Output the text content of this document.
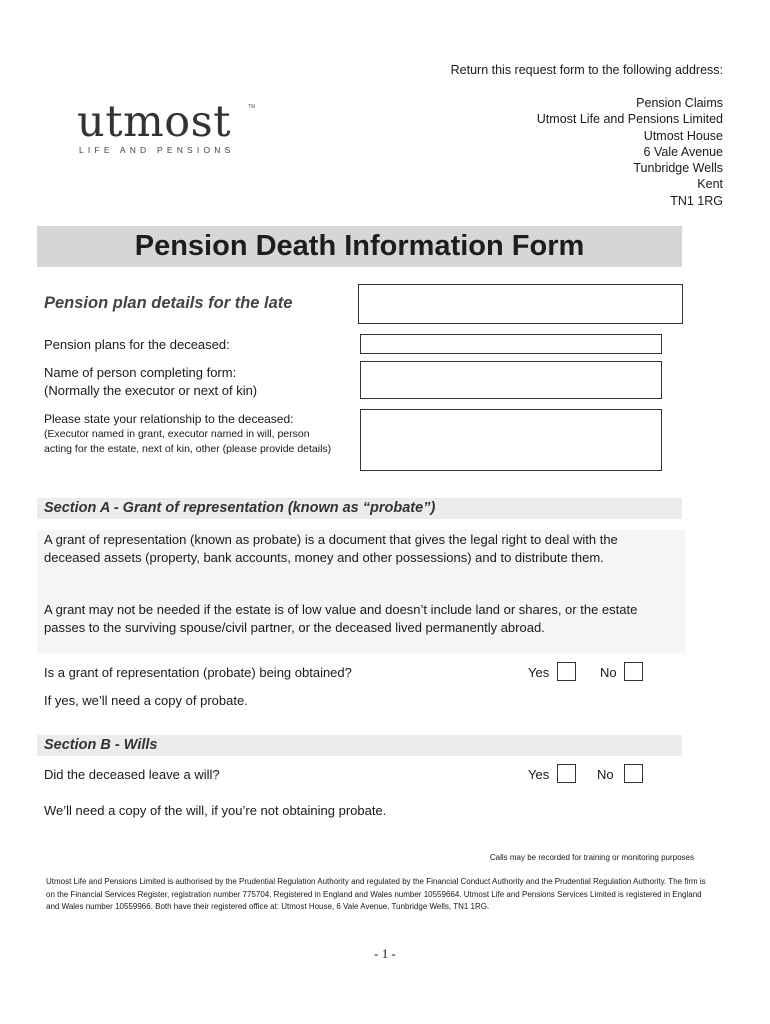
Return this request form to the following address:
Pension Claims
Utmost Life and Pensions Limited
Utmost House
6 Vale Avenue
Tunbridge Wells
Kent
TN1 1RG
utmost	TM
LIFE AND PENSIONS
Pension Death Information Form
Pension plan details for the late
Pension plans for the deceased:
Name of person completing form:
(Normally the executor or next of kin)
Please state your relationship to the deceased:
(Executor named in grant, executor named in will, person acting for the estate, next of kin, other (please provide details)
Section A - Grant of representation (known as “probate”)
A grant of representation (known as probate) is a document that gives the legal right to deal with the deceased assets (property, bank accounts, money and other possessions) and to distribute them.
A grant may not be needed if the estate is of low value and doesn’t include land or shares, or the estate passes to the surviving spouse/civil partner, or the deceased lived permanently abroad.
Is a grant of representation (probate) being obtained?	Yes	No
If yes, we’ll need a copy of probate.
Section B - Wills
Did the deceased leave a will?	Yes	No
We’ll need a copy of the will, if you’re not obtaining probate.
Calls may be recorded for training or monitoring purposes
Utmost Life and Pensions Limited is authorised by the Prudential Regulation Authority and regulated by the Financial Conduct Authority and the Prudential Regulation Authority. The firm is on the Financial Services Register, registration number 775704. Registered in England and Wales number 10559664. Utmost Life and Pensions Services Limited is registered in England and Wales number 10559966. Both have their registered office at: Utmost House, 6 Vale Avenue, Tunbridge Wells, TN1 1RG.
- 1 -
